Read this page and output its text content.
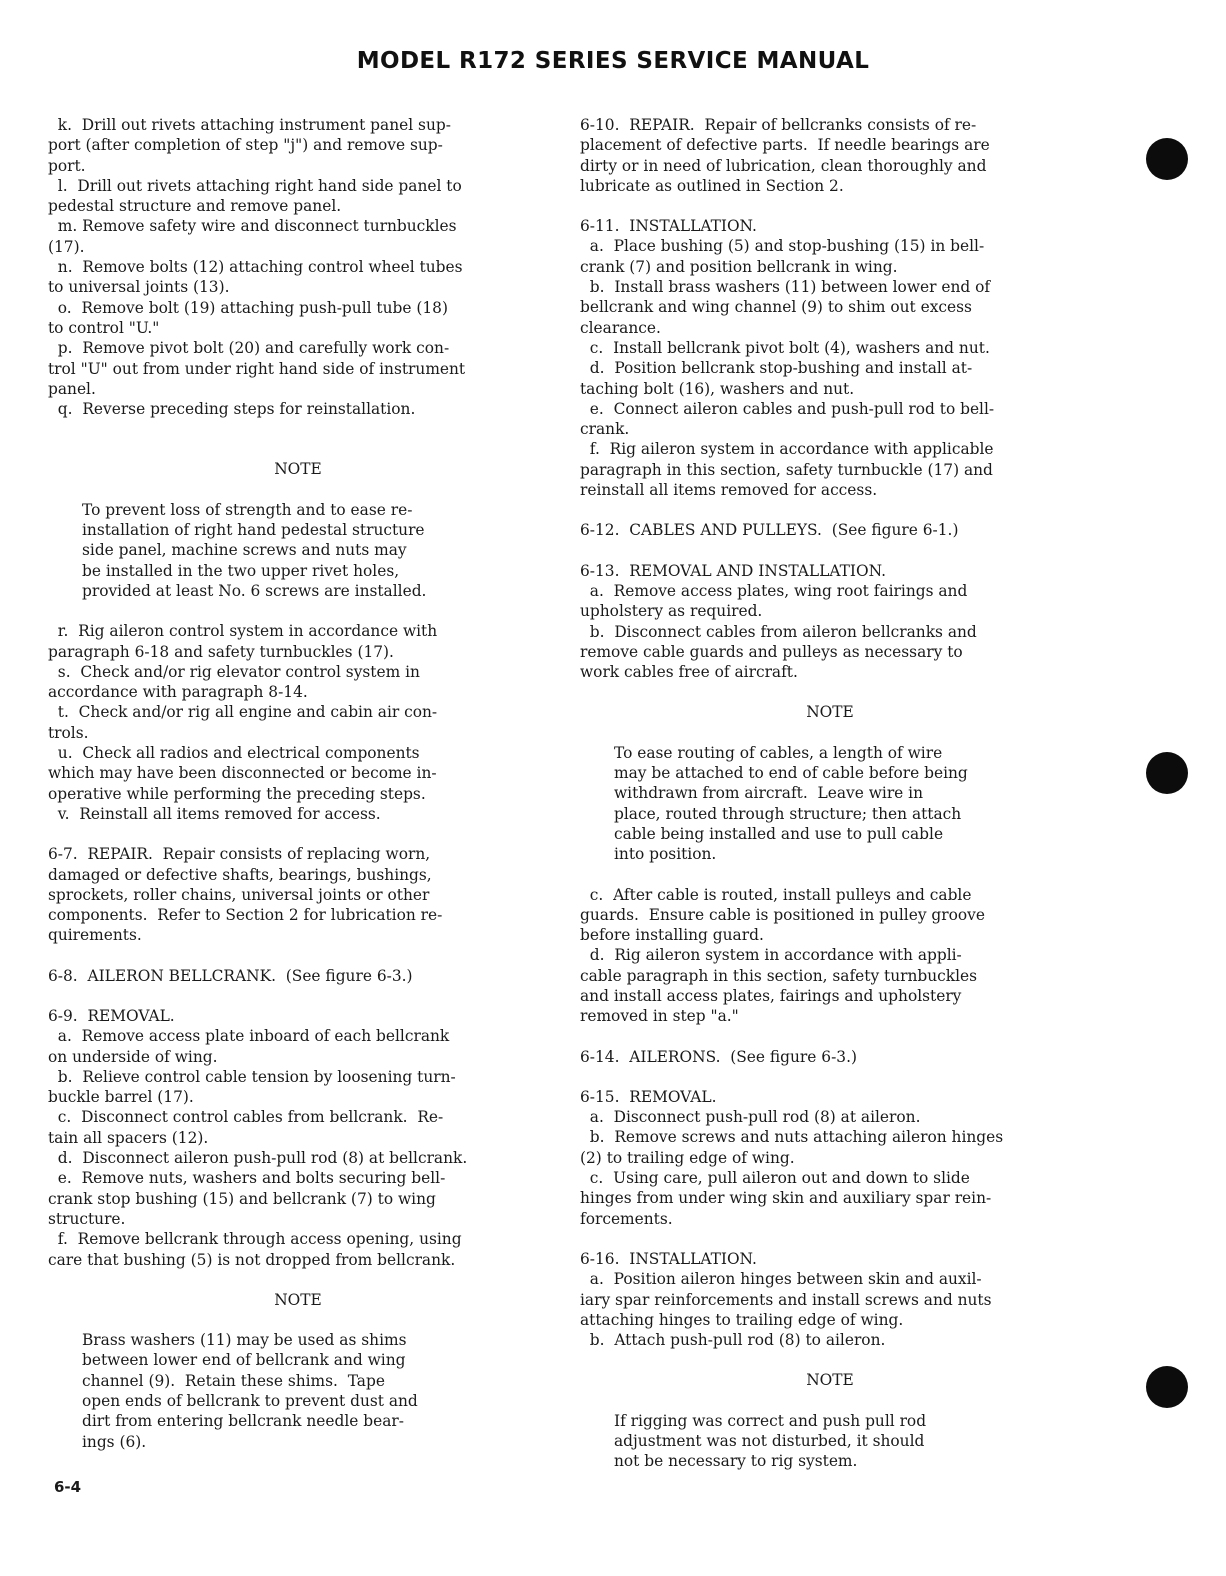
MODEL R172 SERIES SERVICE MANUAL

k.  Drill out rivets attaching instrument panel sup-

port (after completion of step "j") and remove sup-

port.

l.  Drill out rivets attaching right hand side panel to

pedestal structure and remove panel.

m. Remove safety wire and disconnect turnbuckles

(17).

n.  Remove bolts (12) attaching control wheel tubes

to universal joints (13).

o.  Remove bolt (19) attaching push-pull tube (18)

to control "U."

p.  Remove pivot bolt (20) and carefully work con-

trol "U" out from under right hand side of instrument

panel.

q.  Reverse preceding steps for reinstallation.

NOTE

To prevent loss of strength and to ease re-

installation of right hand pedestal structure

side panel, machine screws and nuts may

be installed in the two upper rivet holes,

provided at least No. 6 screws are installed.

r.  Rig aileron control system in accordance with

paragraph 6-18 and safety turnbuckles (17).

s.  Check and/or rig elevator control system in

accordance with paragraph 8-14.

t.  Check and/or rig all engine and cabin air con-

trols.

u.  Check all radios and electrical components

which may have been disconnected or become in-

operative while performing the preceding steps.

v.  Reinstall all items removed for access.

6-7.  REPAIR.  Repair consists of replacing worn,

damaged or defective shafts, bearings, bushings,

sprockets, roller chains, universal joints or other

components.  Refer to Section 2 for lubrication re-

quirements.

6-8.  AILERON BELLCRANK.  (See figure 6-3.)

6-9.  REMOVAL.

a.  Remove access plate inboard of each bellcrank

on underside of wing.

b.  Relieve control cable tension by loosening turn-

buckle barrel (17).

c.  Disconnect control cables from bellcrank.  Re-

tain all spacers (12).

d.  Disconnect aileron push-pull rod (8) at bellcrank.

e.  Remove nuts, washers and bolts securing bell-

crank stop bushing (15) and bellcrank (7) to wing

structure.

f.  Remove bellcrank through access opening, using

care that bushing (5) is not dropped from bellcrank.

NOTE

Brass washers (11) may be used as shims

between lower end of bellcrank and wing

channel (9).  Retain these shims.  Tape

open ends of bellcrank to prevent dust and

dirt from entering bellcrank needle bear-

ings (6).

6-10.  REPAIR.  Repair of bellcranks consists of re-

placement of defective parts.  If needle bearings are

dirty or in need of lubrication, clean thoroughly and

lubricate as outlined in Section 2.

6-11.  INSTALLATION.

a.  Place bushing (5) and stop-bushing (15) in bell-

crank (7) and position bellcrank in wing.

b.  Install brass washers (11) between lower end of

bellcrank and wing channel (9) to shim out excess

clearance.

c.  Install bellcrank pivot bolt (4), washers and nut.

d.  Position bellcrank stop-bushing and install at-

taching bolt (16), washers and nut.

e.  Connect aileron cables and push-pull rod to bell-

crank.

f.  Rig aileron system in accordance with applicable

paragraph in this section, safety turnbuckle (17) and

reinstall all items removed for access.

6-12.  CABLES AND PULLEYS.  (See figure 6-1.)

6-13.  REMOVAL AND INSTALLATION.

a.  Remove access plates, wing root fairings and

upholstery as required.

b.  Disconnect cables from aileron bellcranks and

remove cable guards and pulleys as necessary to

work cables free of aircraft.

NOTE

To ease routing of cables, a length of wire

may be attached to end of cable before being

withdrawn from aircraft.  Leave wire in

place, routed through structure; then attach

cable being installed and use to pull cable

into position.

c.  After cable is routed, install pulleys and cable

guards.  Ensure cable is positioned in pulley groove

before installing guard.

d.  Rig aileron system in accordance with appli-

cable paragraph in this section, safety turnbuckles

and install access plates, fairings and upholstery

removed in step "a."

6-14.  AILERONS.  (See figure 6-3.)

6-15.  REMOVAL.

a.  Disconnect push-pull rod (8) at aileron.

b.  Remove screws and nuts attaching aileron hinges

(2) to trailing edge of wing.

c.  Using care, pull aileron out and down to slide

hinges from under wing skin and auxiliary spar rein-

forcements.

6-16.  INSTALLATION.

a.  Position aileron hinges between skin and auxil-

iary spar reinforcements and install screws and nuts

attaching hinges to trailing edge of wing.

b.  Attach push-pull rod (8) to aileron.

NOTE

If rigging was correct and push pull rod

adjustment was not disturbed, it should

not be necessary to rig system.

6-4
